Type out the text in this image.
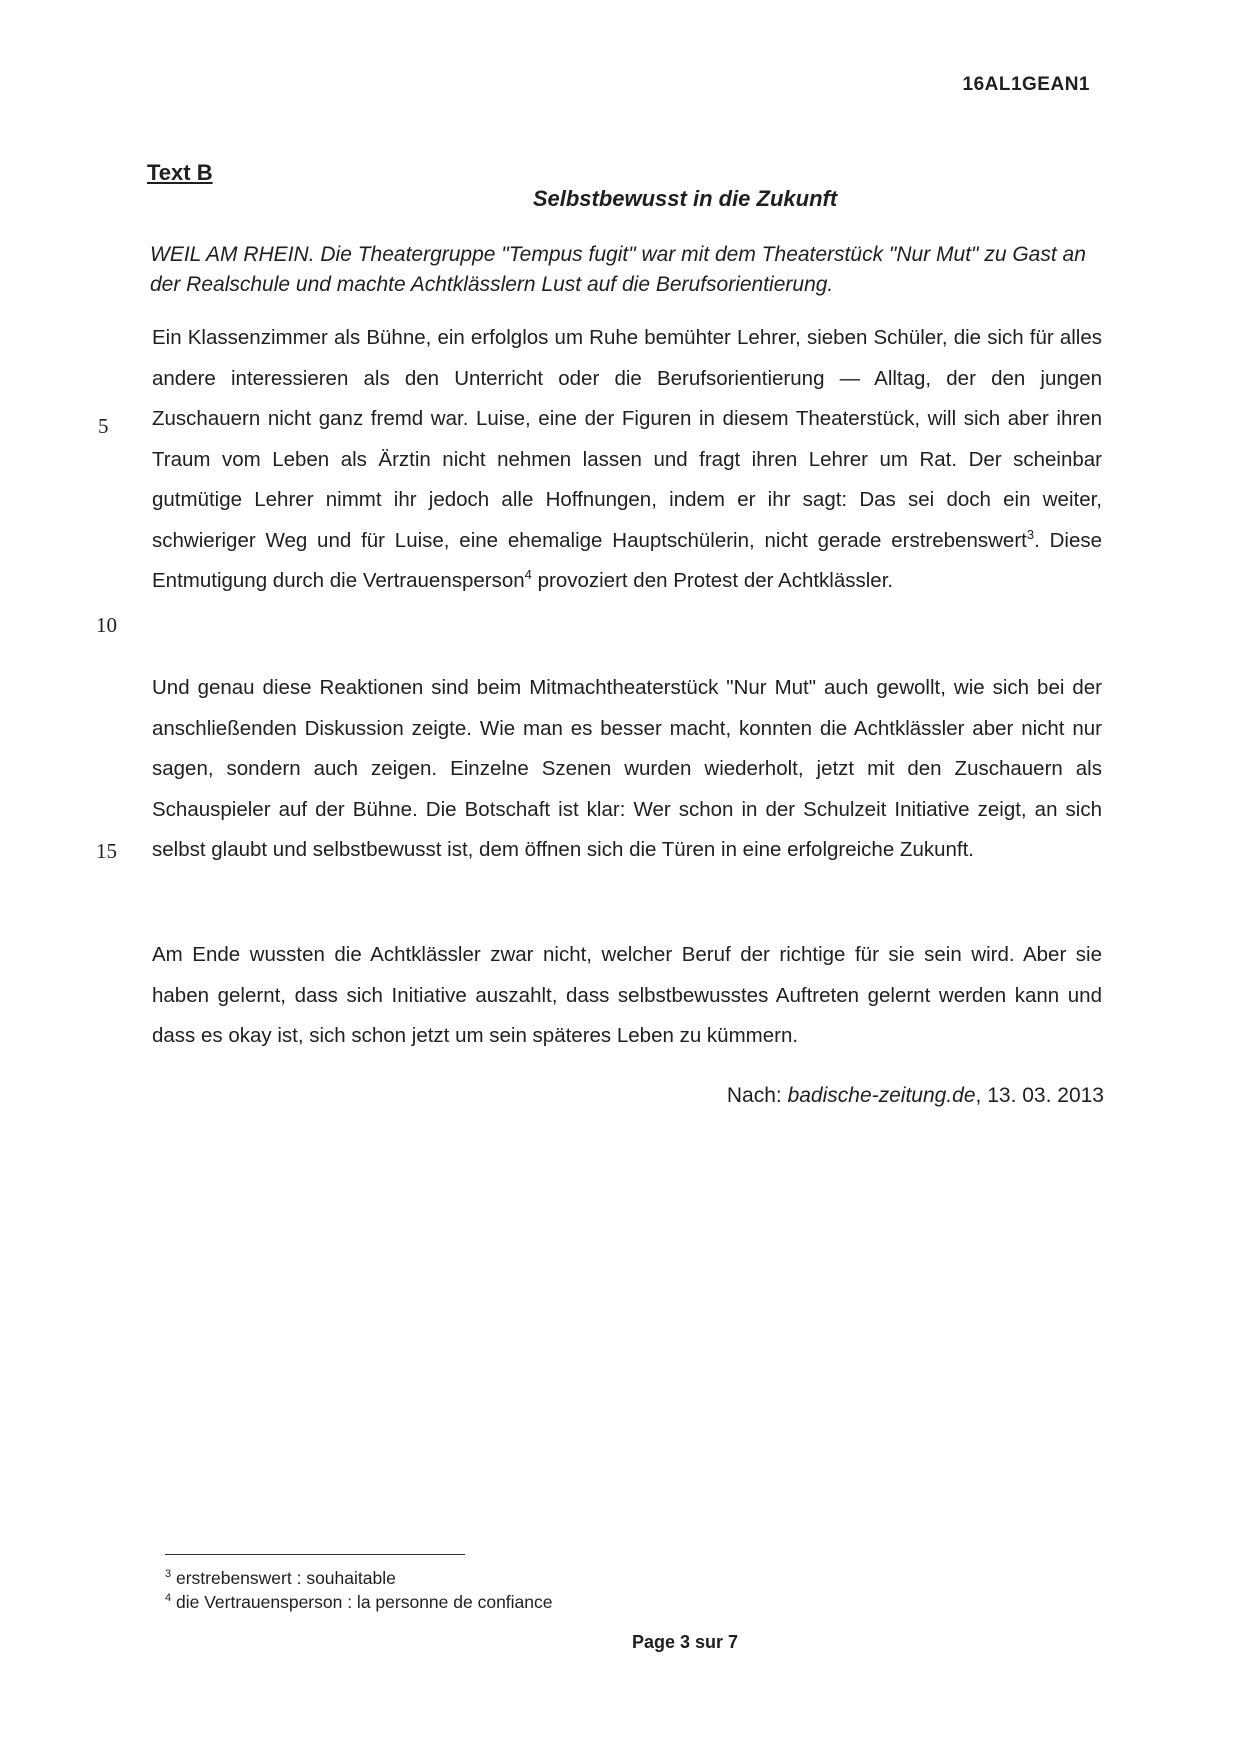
16AL1GEAN1
Text B
Selbstbewusst in die Zukunft
WEIL AM RHEIN. Die Theatergruppe "Tempus fugit" war mit dem Theaterstück "Nur Mut" zu Gast an der Realschule und machte Achtklässlern Lust auf die Berufsorientierung.
Ein Klassenzimmer als Bühne, ein erfolglos um Ruhe bemühter Lehrer, sieben Schüler, die sich für alles andere interessieren als den Unterricht oder die Berufsorientierung — Alltag, der den jungen Zuschauern nicht ganz fremd war. Luise, eine der Figuren in diesem Theaterstück, will sich aber ihren Traum vom Leben als Ärztin nicht nehmen lassen und fragt ihren Lehrer um Rat. Der scheinbar gutmütige Lehrer nimmt ihr jedoch alle Hoffnungen, indem er ihr sagt: Das sei doch ein weiter, schwieriger Weg und für Luise, eine ehemalige Hauptschülerin, nicht gerade erstrebenswert$^3$. Diese Entmutigung durch die Vertrauensperson$^4$ provoziert den Protest der Achtklässler.
5
10
Und genau diese Reaktionen sind beim Mitmachtheaterstück "Nur Mut" auch gewollt, wie sich bei der anschließenden Diskussion zeigte. Wie man es besser macht, konnten die Achtklässler aber nicht nur sagen, sondern auch zeigen. Einzelne Szenen wurden wiederholt, jetzt mit den Zuschauern als Schauspieler auf der Bühne. Die Botschaft ist klar: Wer schon in der Schulzeit Initiative zeigt, an sich selbst glaubt und selbstbewusst ist, dem öffnen sich die Türen in eine erfolgreiche Zukunft.
15
Am Ende wussten die Achtklässler zwar nicht, welcher Beruf der richtige für sie sein wird. Aber sie haben gelernt, dass sich Initiative auszahlt, dass selbstbewusstes Auftreten gelernt werden kann und dass es okay ist, sich schon jetzt um sein späteres Leben zu kümmern.
Nach: badische-zeitung.de, 13. 03. 2013
$^3$ erstrebenswert : souhaitable
$^4$ die Vertrauensperson : la personne de confiance
Page 3 sur 7
